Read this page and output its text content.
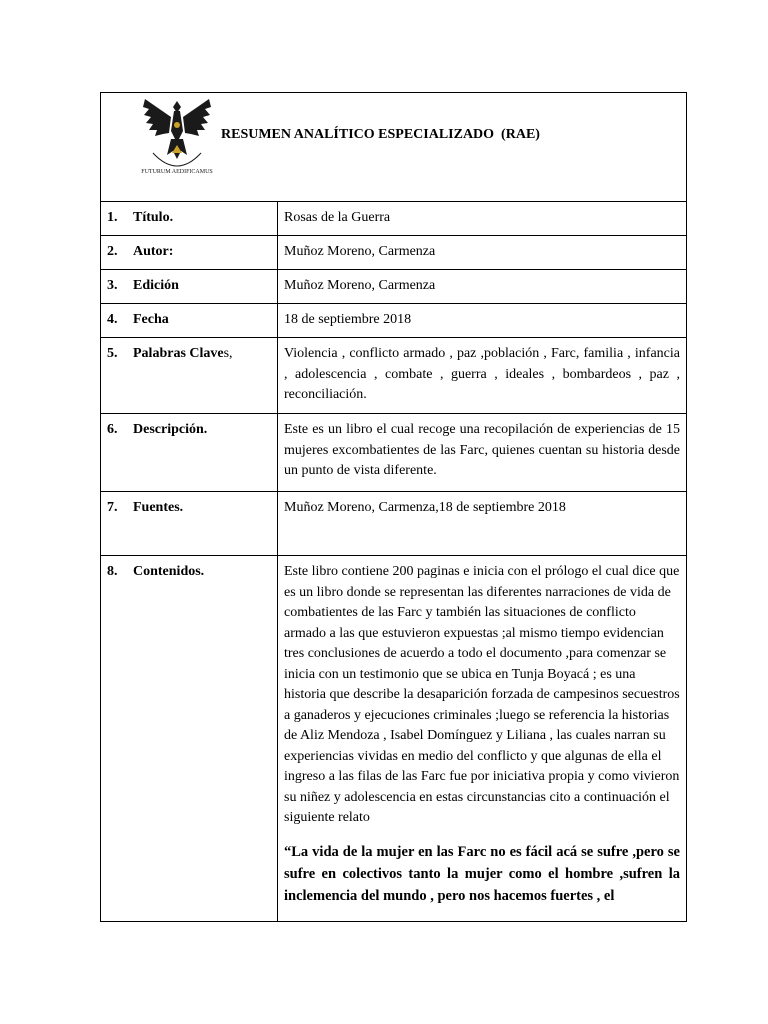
FUTURUM AEDIFICAMUS
RESUMEN ANALÍTICO ESPECIALIZADO  (RAE)	

1. Título.	Rosas de la Guerra
2. Autor:	Muñoz Moreno, Carmenza
3. Edición	Muñoz Moreno, Carmenza
4. Fecha	18 de septiembre 2018
5. Palabras Claves,	Violencia , conflicto armado , paz ,población , Farc, familia , infancia , adolescencia , combate , guerra , ideales , bombardeos , paz , reconciliación.
6. Descripción.	Este es un libro el cual recoge una recopilación de experiencias de 15 mujeres excombatientes de las Farc, quienes cuentan su historia desde un punto de vista diferente.
7. Fuentes.	Muñoz Moreno, Carmenza,18 de septiembre 2018
8. Contenidos.	Este libro contiene 200 paginas e inicia con el prólogo el cual dice que es un libro donde se representan las diferentes narraciones de vida de combatientes de las Farc y también las situaciones de conflicto armado a las que estuvieron expuestas ;al mismo tiempo evidencian tres conclusiones de acuerdo a todo el documento ,para comenzar se inicia con un testimonio que se ubica en Tunja Boyacá ; es una historia que describe la desaparición forzada de campesinos secuestros a ganaderos y ejecuciones criminales ;luego se referencia la historias de Aliz Mendoza , Isabel Domínguez y Liliana , las cuales narran su experiencias vividas en medio del conflicto y que algunas de ella el ingreso a las filas de las Farc fue por iniciativa propia y como vivieron su niñez y adolescencia en estas circunstancias cito a continuación el siguiente relato
“La vida de la mujer en las Farc no es fácil acá se sufre ,pero se sufre en colectivos tanto la mujer como el hombre ,sufren la inclemencia del mundo , pero nos hacemos fuertes , el
